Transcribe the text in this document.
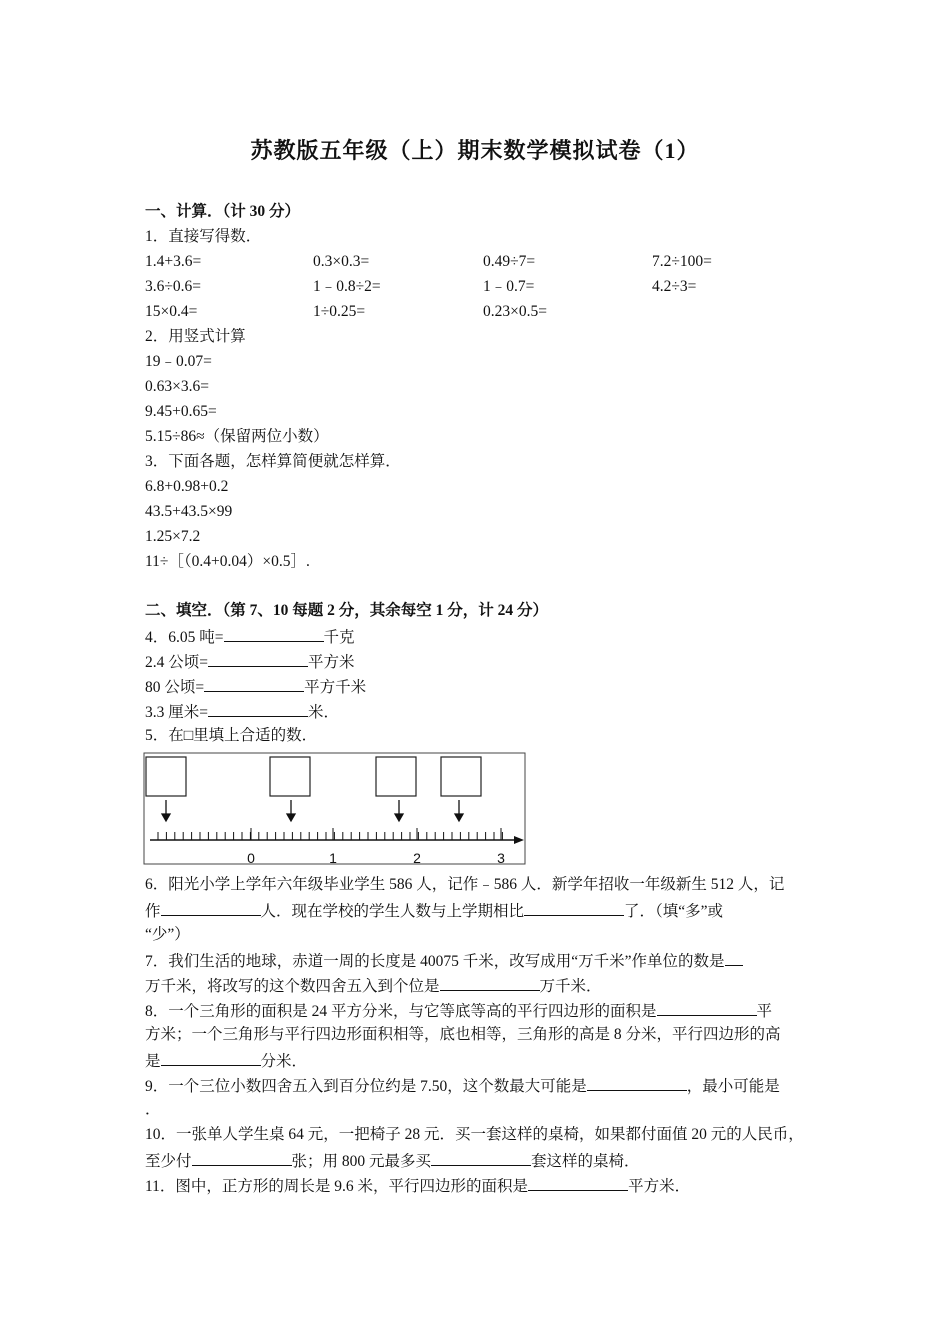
苏教版五年级（上）期末数学模拟试卷（1）
一、计算．（计 30 分）
1．直接写得数．
1.4+3.6=	0.3×0.3=	0.49÷7=	7.2÷100=
3.6÷0.6=	1﹣0.8÷2=	1﹣0.7=	4.2÷3=
15×0.4=	1÷0.25=	0.23×0.5=
2．用竖式计算
19﹣0.07=
0.63×3.6=
9.45+0.65=
5.15÷86≈（保留两位小数）
3．下面各题，怎样算简便就怎样算．
6.8+0.98+0.2
43.5+43.5×99
1.25×7.2
11÷［（0.4+0.04）×0.5］.
二、填空．（第 7、10 每题 2 分，其余每空 1 分，计 24 分）
4．6.05 吨=	千克
2.4 公顷=	平方米
80 公顷=	平方千米
3.3 厘米=	米．
5．在□里填上合适的数．
0	1	2	3
6．阳光小学上学年六年级毕业学生 586 人，记作﹣586 人．新学年招收一年级新生 512 人，记
作	人．现在学校的学生人数与上学期相比	了．（填“多”或
“少”）
7．我们生活的地球，赤道一周的长度是 40075 千米，改写成用“万千米”作单位的数是
万千米，将改写的这个数四舍五入到个位是	万千米．
8．一个三角形的面积是 24 平方分米，与它等底等高的平行四边形的面积是	平
方米；一个三角形与平行四边形面积相等，底也相等，三角形的高是 8 分米，平行四边形的高
是	分米．
9．一个三位小数四舍五入到百分位约是 7.50，这个数最大可能是	，最小可能是
．
10．一张单人学生桌 64 元，一把椅子 28 元．买一套这样的桌椅，如果都付面值 20 元的人民币，
至少付	张；用 800 元最多买	套这样的桌椅．
11．图中，正方形的周长是 9.6 米，平行四边形的面积是	平方米．
